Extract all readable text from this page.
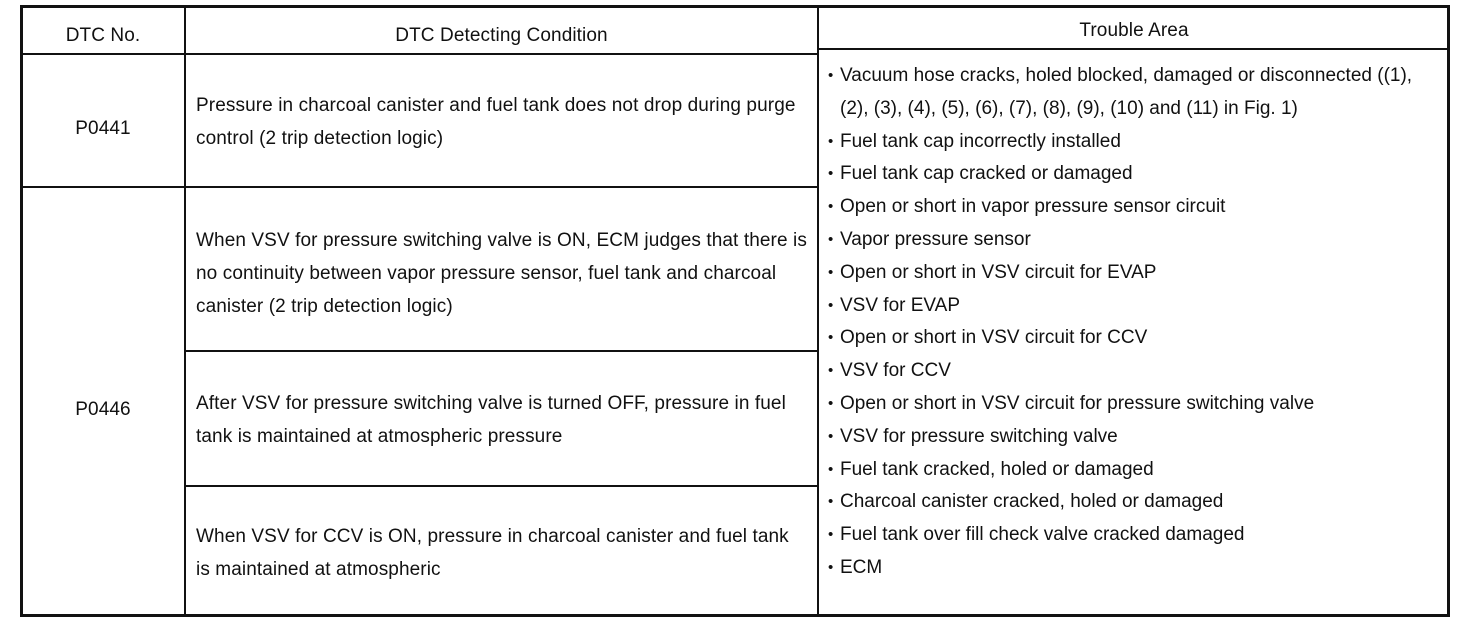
DTC No.	DTC Detecting Condition	Trouble Area
P0441
P0446
Pressure in charcoal canister and fuel tank does not drop during purge control (2 trip detection logic)
When VSV for pressure switching valve is ON, ECM judges that there is no continuity between vapor pressure sensor, fuel tank and charcoal canister (2 trip detection logic)
After VSV for pressure switching valve is turned OFF, pressure in fuel tank is maintained at atmospheric pressure
When VSV for CCV is ON, pressure in charcoal canister and fuel tank is maintained at atmospheric
• Vacuum hose cracks, holed blocked, damaged or disconnected ((1), (2), (3), (4), (5), (6), (7), (8), (9), (10) and (11) in Fig. 1)
• Fuel tank cap incorrectly installed
• Fuel tank cap cracked or damaged
• Open or short in vapor pressure sensor circuit
• Vapor pressure sensor
• Open or short in VSV circuit for EVAP
• VSV for EVAP
• Open or short in VSV circuit for CCV
• VSV for CCV
• Open or short in VSV circuit for pressure switching valve
• VSV for pressure switching valve
• Fuel tank cracked, holed or damaged
• Charcoal canister cracked, holed or damaged
• Fuel tank over fill check valve cracked damaged
• ECM
